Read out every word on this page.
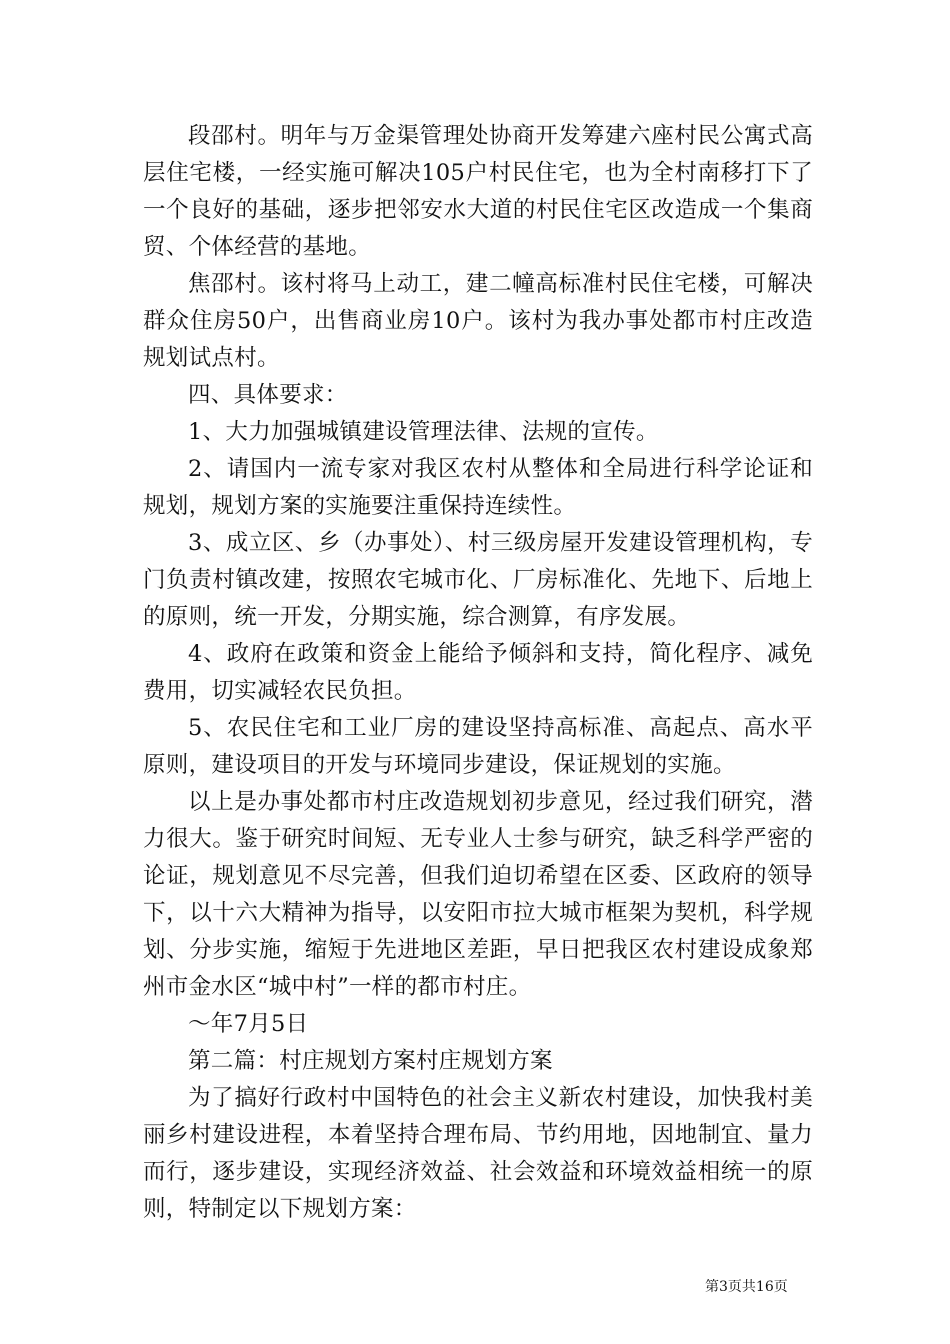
段邵村。明年与万金渠管理处协商开发筹建六座村民公寓式高层住宅楼，一经实施可解决105户村民住宅，也为全村南移打下了一个良好的基础，逐步把邻安水大道的村民住宅区改造成一个集商贸、个体经营的基地。

焦邵村。该村将马上动工，建二幢高标准村民住宅楼，可解决群众住房50户，出售商业房10户。该村为我办事处都市村庄改造规划试点村。

四、具体要求：

1、大力加强城镇建设管理法律、法规的宣传。

2、请国内一流专家对我区农村从整体和全局进行科学论证和规划，规划方案的实施要注重保持连续性。

3、成立区、乡（办事处）、村三级房屋开发建设管理机构，专门负责村镇改建，按照农宅城市化、厂房标准化、先地下、后地上的原则，统一开发，分期实施，综合测算，有序发展。

4、政府在政策和资金上能给予倾斜和支持，简化程序、减免费用，切实减轻农民负担。

5、农民住宅和工业厂房的建设坚持高标准、高起点、高水平原则，建设项目的开发与环境同步建设，保证规划的实施。

以上是办事处都市村庄改造规划初步意见，经过我们研究，潜力很大。鉴于研究时间短、无专业人士参与研究，缺乏科学严密的论证，规划意见不尽完善，但我们迫切希望在区委、区政府的领导下，以十六大精神为指导，以安阳市拉大城市框架为契机，科学规划、分步实施，缩短于先进地区差距，早日把我区农村建设成象郑州市金水区“城中村”一样的都市村庄。

～年7月5日

第二篇：村庄规划方案村庄规划方案

为了搞好行政村中国特色的社会主义新农村建设，加快我村美丽乡村建设进程，本着坚持合理布局、节约用地，因地制宜、量力而行，逐步建设，实现经济效益、社会效益和环境效益相统一的原则，特制定以下规划方案：

第3页共16页
